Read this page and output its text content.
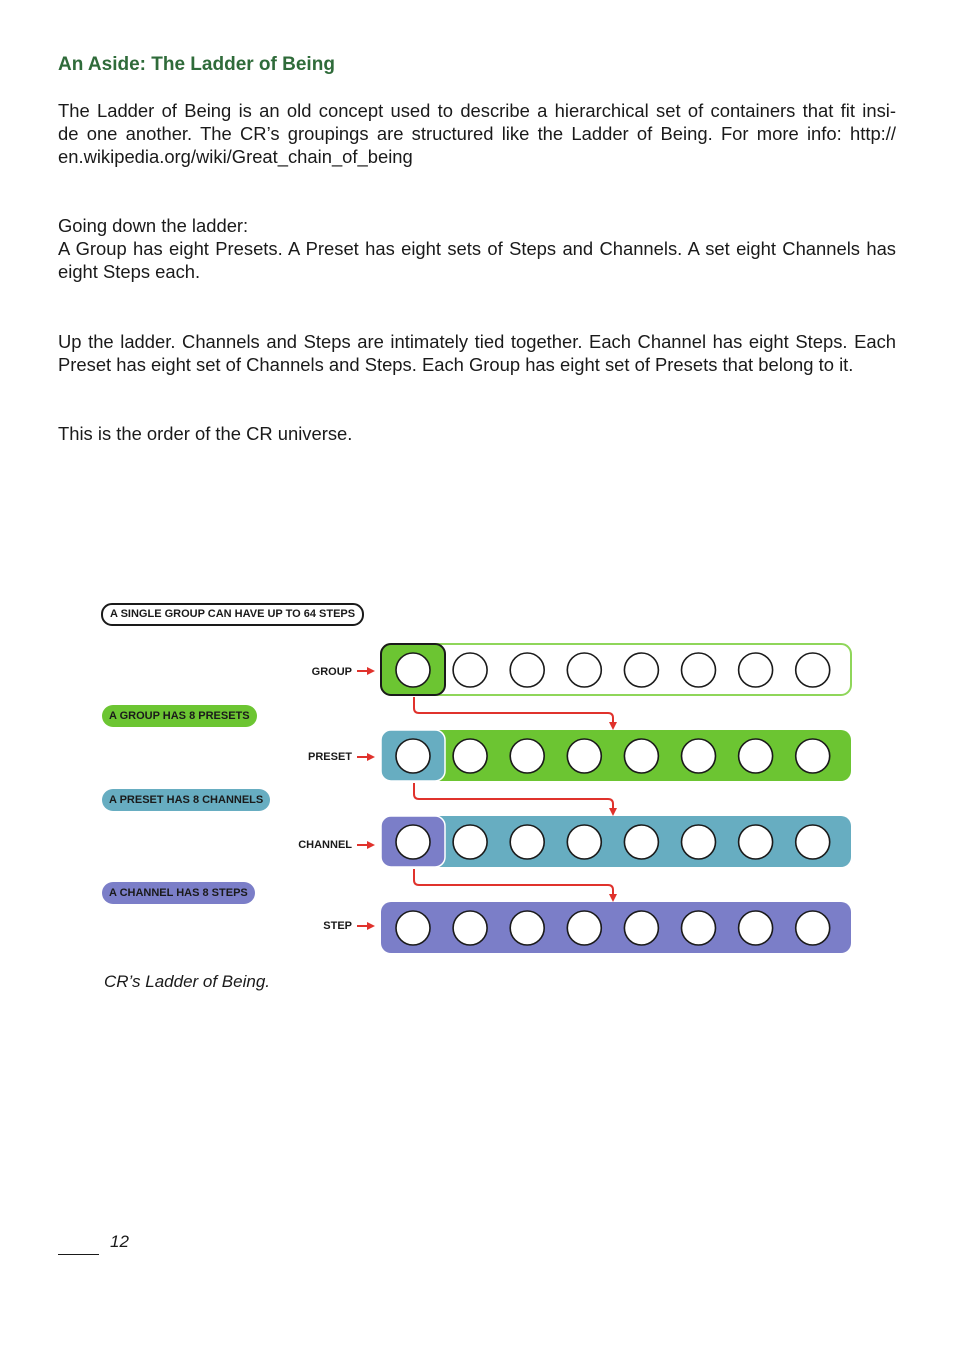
An Aside: The Ladder of Being

The Ladder of Being is an old concept used to describe a hierarchical set of containers that fit insi-
de one another. The CR’s groupings are structured like the Ladder of Being. For more info: http://
en.wikipedia.org/wiki/Great_chain_of_being

Going down the ladder:
A Group has eight Presets. A Preset has eight sets of Steps and Channels. A set eight Channels has
eight Steps each.

Up the ladder. Channels and Steps are intimately tied together. Each Channel has eight Steps. Each
Preset has eight set of Channels and Steps. Each Group has eight set of Presets that belong to it.

This is the order of the CR universe.

A SINGLE GROUP CAN HAVE UP TO 64 STEPS
A GROUP HAS 8 PRESETS
A PRESET HAS 8 CHANNELS
A CHANNEL HAS 8 STEPS
GROUP
PRESET
CHANNEL
STEP

CR’s Ladder of Being.

12
